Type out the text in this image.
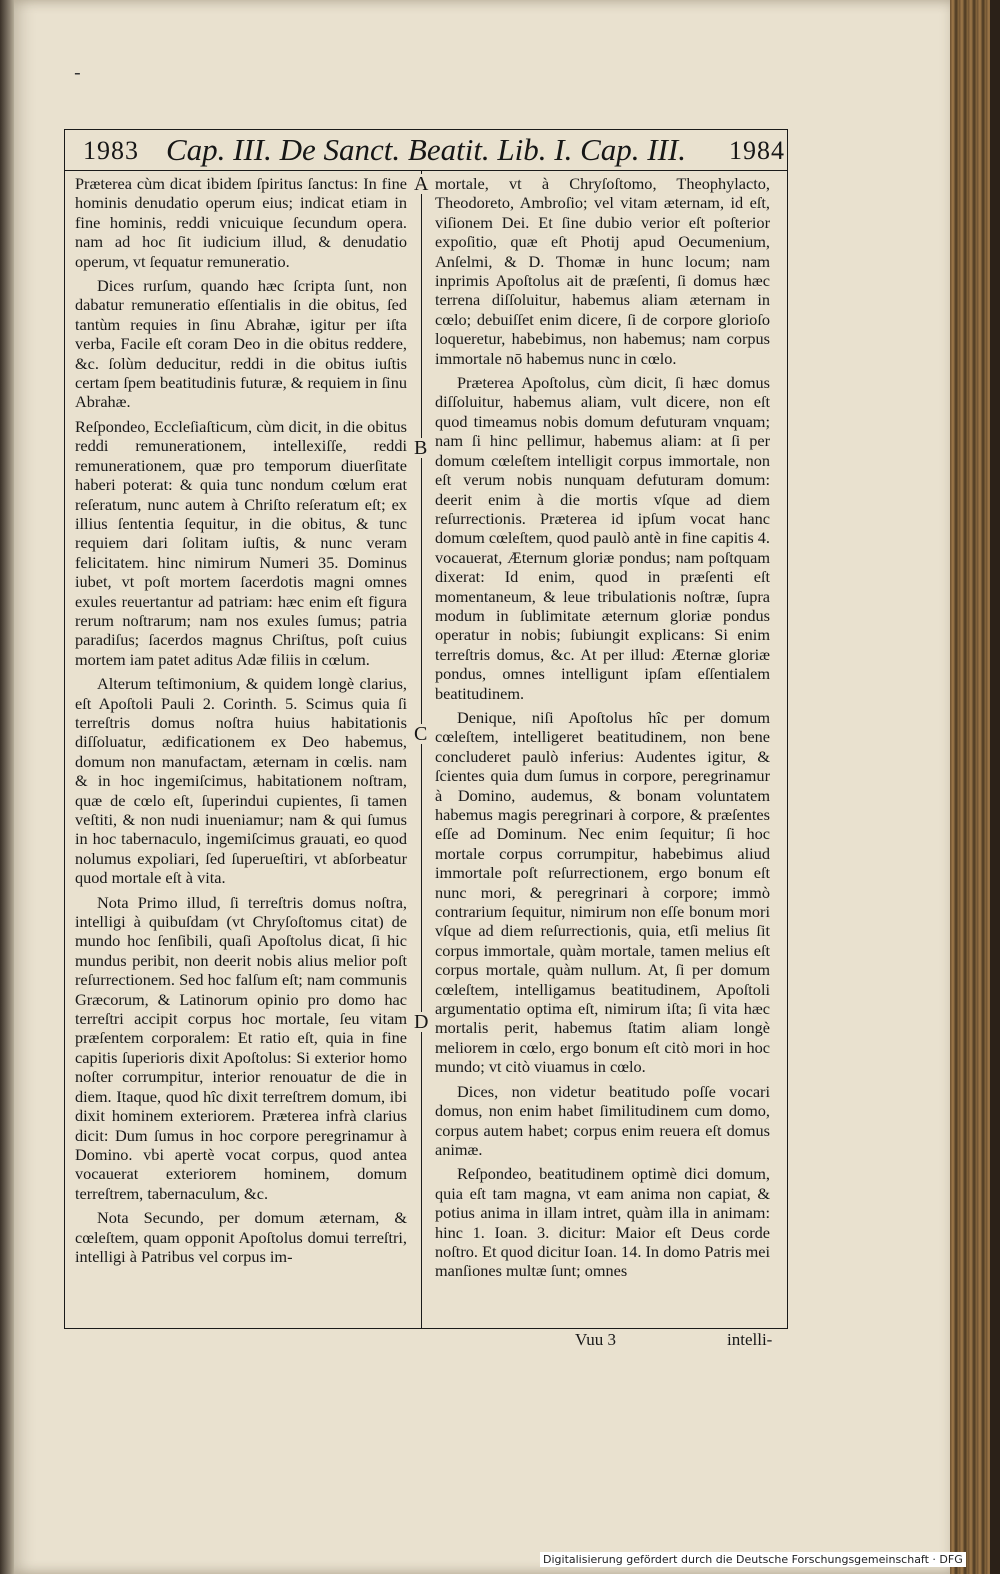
-
1983 Cap. III. De Sanct. Beatit. Lib. I. Cap. III.	1984

Præterea cùm dicat ibidem ſpiritus ſanctus: In fine hominis denudatio operum eius; indicat etiam in fine hominis, reddi vnicuique ſecundum opera. nam ad hoc ſit iudicium illud, & denudatio operum, vt ſequatur remuneratio.

Dices rurſum, quando hæc ſcripta ſunt, non dabatur remuneratio eſſentialis in die obitus, ſed tantùm requies in ſinu Abrahæ, igitur per iſta verba, Facile eſt coram Deo in die obitus reddere, &c. ſolùm deducitur, reddi in die obitus iuſtis certam ſpem beatitudinis futuræ, & requiem in ſinu Abrahæ.

Reſpondeo, Eccleſiaſticum, cùm dicit, in die obitus reddi remunerationem, intellexiſſe, reddi remunerationem, quæ pro temporum diuerſitate haberi poterat: & quia tunc nondum cœlum erat reſeratum, nunc autem à Chriſto reſeratum eſt; ex illius ſententia ſequitur, in die obitus, & tunc requiem dari ſolitam iuſtis, & nunc veram felicitatem. hinc nimirum Numeri 35. Dominus iubet, vt poſt mortem ſacerdotis magni omnes exules reuertantur ad patriam: hæc enim eſt figura rerum noſtrarum; nam nos exules ſumus; patria paradiſus; ſacerdos magnus Chriſtus, poſt cuius mortem iam patet aditus Adæ filiis in cœlum.

Alterum teſtimonium, & quidem longè clarius, eſt Apoſtoli Pauli 2. Corinth. 5. Scimus quia ſi terreſtris domus noſtra huius habitationis diſſoluatur, ædificationem ex Deo habemus, domum non manufactam, æternam in cœlis. nam & in hoc ingemiſcimus, habitationem noſtram, quæ de cœlo eſt, ſuperindui cupientes, ſi tamen veſtiti, & non nudi inueniamur; nam & qui ſumus in hoc tabernaculo, ingemiſcimus grauati, eo quod nolumus expoliari, ſed ſuperueſtiri, vt abſorbeatur quod mortale eſt à vita.

Nota Primo illud, ſi terreſtris domus noſtra, intelligi à quibuſdam (vt Chryſoſtomus citat) de mundo hoc ſenſibili, quaſi Apoſtolus dicat, ſi hic mundus peribit, non deerit nobis alius melior poſt reſurrectionem. Sed hoc falſum eſt; nam communis Græcorum, & Latinorum opinio pro domo hac terreſtri accipit corpus hoc mortale, ſeu vitam præſentem corporalem: Et ratio eſt, quia in fine capitis ſuperioris dixit Apoſtolus: Si exterior homo noſter corrumpitur, interior renouatur de die in diem. Itaque, quod hîc dixit terreſtrem domum, ibi dixit hominem exteriorem. Præterea infrà clarius dicit: Dum ſumus in hoc corpore peregrinamur à Domino. vbi apertè vocat corpus, quod antea vocauerat exteriorem hominem, domum terreſtrem, tabernaculum, &c.

Nota Secundo, per domum æternam, & cœleſtem, quam opponit Apoſtolus domui terreſtri, intelligi à Patribus vel corpus im-

A
B
C
D

mortale, vt à Chryſoſtomo, Theophylacto, Theodoreto, Ambroſio; vel vitam æternam, id eſt, viſionem Dei. Et ſine dubio verior eſt poſterior expoſitio, quæ eſt Photij apud Oecumenium, Anſelmi, & D. Thomæ in hunc locum; nam inprimis Apoſtolus ait de præſenti, ſi domus hæc terrena diſſoluitur, habemus aliam æternam in cœlo; debuiſſet enim dicere, ſi de corpore glorioſo loqueretur, habebimus, non habemus; nam corpus immortale nō habemus nunc in cœlo.

Præterea Apoſtolus, cùm dicit, ſi hæc domus diſſoluitur, habemus aliam, vult dicere, non eſt quod timeamus nobis domum defuturam vnquam; nam ſi hinc pellimur, habemus aliam: at ſi per domum cœleſtem intelligit corpus immortale, non eſt verum nobis nunquam defuturam domum: deerit enim à die mortis vſque ad diem reſurrectionis. Præterea id ipſum vocat hanc domum cœleſtem, quod paulò antè in fine capitis 4. vocauerat, Æternum gloriæ pondus; nam poſtquam dixerat: Id enim, quod in præſenti eſt momentaneum, & leue tribulationis noſtræ, ſupra modum in ſublimitate æternum gloriæ pondus operatur in nobis; ſubiungit explicans: Si enim terreſtris domus, &c. At per illud: Æternæ gloriæ pondus, omnes intelligunt ipſam eſſentialem beatitudinem.

Denique, niſi Apoſtolus hîc per domum cœleſtem, intelligeret beatitudinem, non bene concluderet paulò inferius: Audentes igitur, & ſcientes quia dum ſumus in corpore, peregrinamur à Domino, audemus, & bonam voluntatem habemus magis peregrinari à corpore, & præſentes eſſe ad Dominum. Nec enim ſequitur; ſi hoc mortale corpus corrumpitur, habebimus aliud immortale poſt reſurrectionem, ergo bonum eſt nunc mori, & peregrinari à corpore; immò contrarium ſequitur, nimirum non eſſe bonum mori vſque ad diem reſurrectionis, quia, etſi melius ſit corpus immortale, quàm mortale, tamen melius eſt corpus mortale, quàm nullum. At, ſi per domum cœleſtem, intelligamus beatitudinem, Apoſtoli argumentatio optima eſt, nimirum iſta; ſi vita hæc mortalis perit, habemus ſtatim aliam longè meliorem in cœlo, ergo bonum eſt citò mori in hoc mundo; vt citò viuamus in cœlo.

Dices, non videtur beatitudo poſſe vocari domus, non enim habet ſimilitudinem cum domo, corpus autem habet; corpus enim reuera eſt domus animæ.

Reſpondeo, beatitudinem optimè dici domum, quia eſt tam magna, vt eam anima non capiat, & potius anima in illam intret, quàm illa in animam: hinc 1. Ioan. 3. dicitur: Maior eſt Deus corde noſtro. Et quod dicitur Ioan. 14. In domo Patris mei manſiones multæ ſunt; omnes

Vuu 3	intelli-
Digitalisierung gefördert durch die Deutsche Forschungsgemeinschaft · DFG
